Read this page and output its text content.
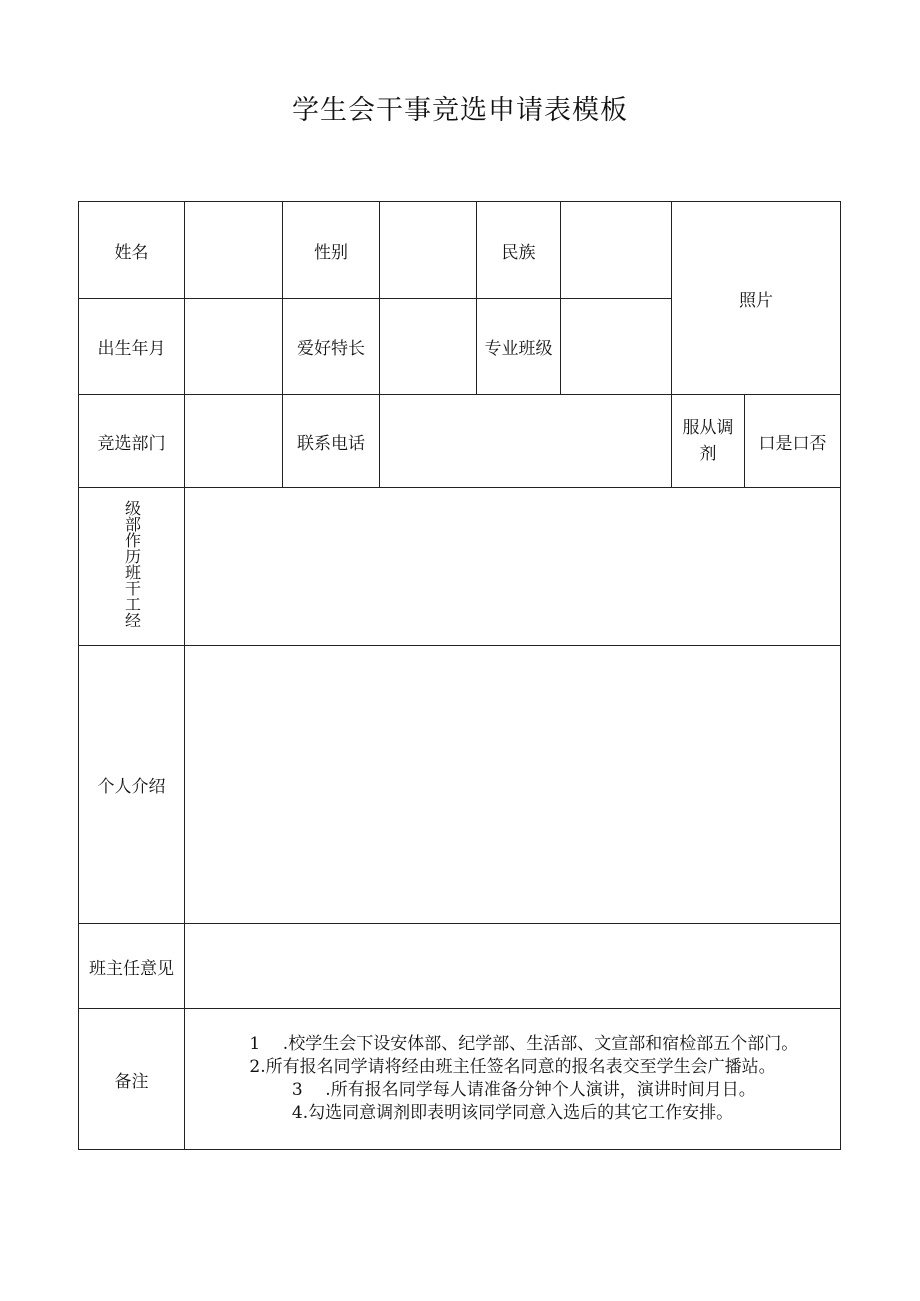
学生会干事竞选申请表模板
姓名		性别		民族		照片	
出生年月		爱好特长		专业班级			
竞选部门		联系电话				服从调剂	口是口否
级部作历班干工经							
个人介绍							
班主任意见							
备注	1 .校学生会下设安体部、纪学部、生活部、文宣部和宿检部五个部门。
2.所有报名同学请将经由班主任签名同意的报名表交至学生会广播站。
3 .所有报名同学每人请准备分钟个人演讲，演讲时间月日。
4.勾选同意调剂即表明该同学同意入选后的其它工作安排。						
